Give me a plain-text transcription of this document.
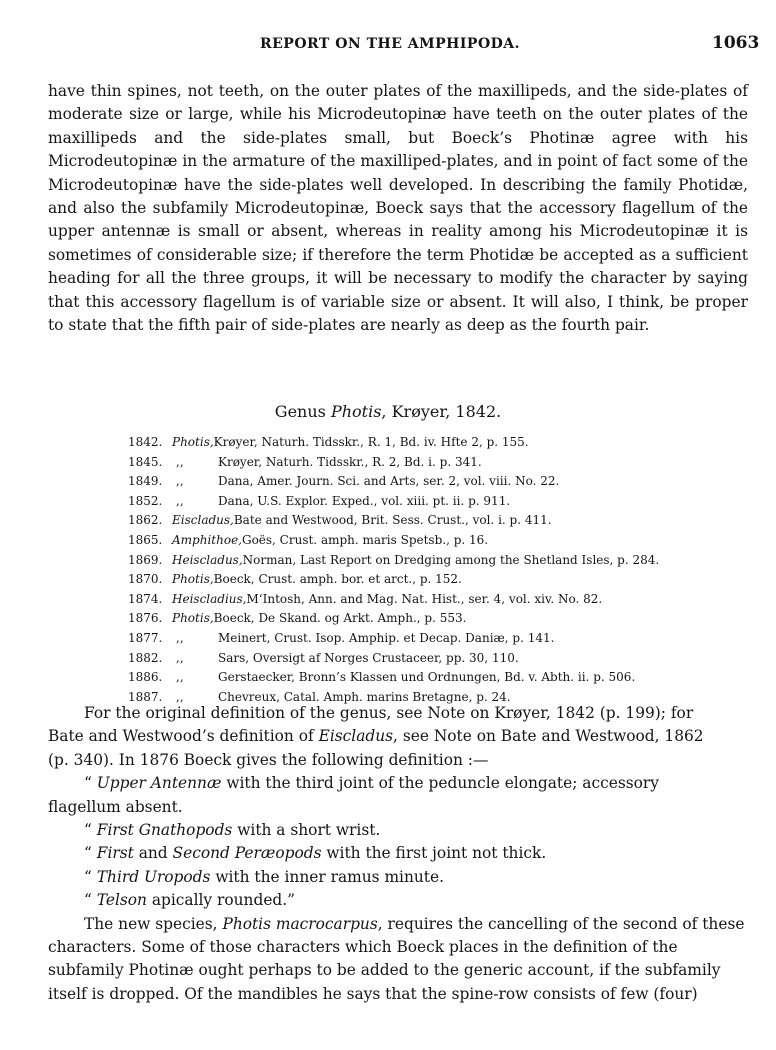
REPORT ON THE AMPHIPODA.	1063
have thin spines, not teeth, on the outer plates of the maxillipeds, and the side-plates of moderate size or large, while his Microdeutopinæ have teeth on the outer plates of the maxillipeds and the side-plates small, but Boeck’s Photinæ agree with his Microdeutopinæ in the armature of the maxilliped-plates, and in point of fact some of the Microdeutopinæ have the side-plates well developed. In describing the family Photidæ, and also the subfamily Microdeutopinæ, Boeck says that the accessory flagellum of the upper antennæ is small or absent, whereas in reality among his Microdeutopinæ it is sometimes of considerable size; if therefore the term Photidæ be accepted as a sufficient heading for all the three groups, it will be necessary to modify the character by saying that this accessory flagellum is of variable size or absent. It will also, I think, be proper to state that the fifth pair of side-plates are nearly as deep as the fourth pair.
Genus Photis, Krøyer, 1842.
1842. Photis, Krøyer, Naturh. Tidsskr., R. 1, Bd. iv. Hfte 2, p. 155.
1845.	,,	Krøyer, Naturh. Tidsskr., R. 2, Bd. i. p. 341.
1849.	,,	Dana, Amer. Journ. Sci. and Arts, ser. 2, vol. viii. No. 22.
1852.	,,	Dana, U.S. Explor. Exped., vol. xiii. pt. ii. p. 911.
1862. Eiscladus, Bate and Westwood, Brit. Sess. Crust., vol. i. p. 411.
1865. Amphithoe, Goës, Crust. amph. maris Spetsb., p. 16.
1869. Heiscladus, Norman, Last Report on Dredging among the Shetland Isles, p. 284.
1870. Photis, Boeck, Crust. amph. bor. et arct., p. 152.
1874. Heiscladius, M‘Intosh, Ann. and Mag. Nat. Hist., ser. 4, vol. xiv. No. 82.
1876. Photis, Boeck, De Skand. og Arkt. Amph., p. 553.
1877.	,,	Meinert, Crust. Isop. Amphip. et Decap. Daniæ, p. 141.
1882.	,,	Sars, Oversigt af Norges Crustaceer, pp. 30, 110.
1886.	,,	Gerstaecker, Bronn’s Klassen und Ordnungen, Bd. v. Abth. ii. p. 506.
1887.	,,	Chevreux, Catal. Amph. marins Bretagne, p. 24.
For the original definition of the genus, see Note on Krøyer, 1842 (p. 199); for
Bate and Westwood’s definition of Eiscladus, see Note on Bate and Westwood, 1862
(p. 340). In 1876 Boeck gives the following definition :—
“ Upper Antennæ with the third joint of the peduncle elongate; accessory
flagellum absent.
“ First Gnathopods with a short wrist.
“ First and Second Peræopods with the first joint not thick.
“ Third Uropods with the inner ramus minute.
“ Telson apically rounded.”
The new species, Photis macrocarpus, requires the cancelling of the second of these
characters. Some of those characters which Boeck places in the definition of the
subfamily Photinæ ought perhaps to be added to the generic account, if the subfamily
itself is dropped. Of the mandibles he says that the spine-row consists of few (four)
